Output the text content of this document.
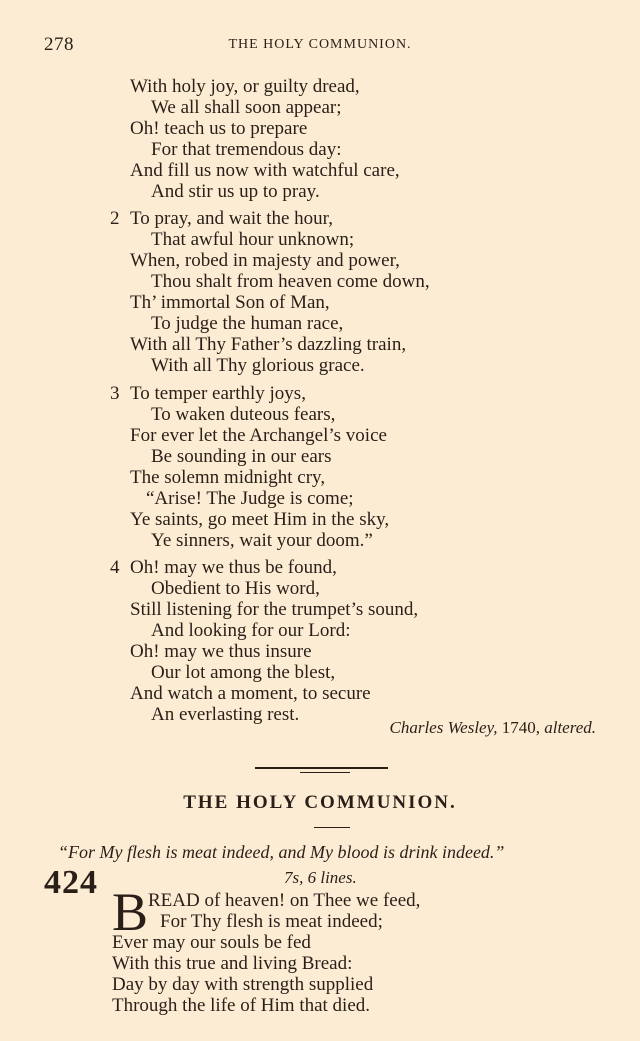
278	THE HOLY COMMUNION.
With holy joy, or guilty dread,
We all shall soon appear;
Oh! teach us to prepare
For that tremendous day:
And fill us now with watchful care,
And stir us up to pray.
2 To pray, and wait the hour,
That awful hour unknown;
When, robed in majesty and power,
Thou shalt from heaven come down,
Th’ immortal Son of Man,
To judge the human race,
With all Thy Father’s dazzling train,
With all Thy glorious grace.
3 To temper earthly joys,
To waken duteous fears,
For ever let the Archangel’s voice
Be sounding in our ears
The solemn midnight cry,
“Arise! The Judge is come;
Ye saints, go meet Him in the sky,
Ye sinners, wait your doom.”
4 Oh! may we thus be found,
Obedient to His word,
Still listening for the trumpet’s sound,
And looking for our Lord:
Oh! may we thus insure
Our lot among the blest,
And watch a moment, to secure
An everlasting rest.
Charles Wesley, 1740, altered.
THE HOLY COMMUNION.
“For My flesh is meat indeed, and My blood is drink indeed.”
424	7s, 6 lines.
B READ of heaven! on Thee we feed,
For Thy flesh is meat indeed;
Ever may our souls be fed
With this true and living Bread:
Day by day with strength supplied
Through the life of Him that died.
